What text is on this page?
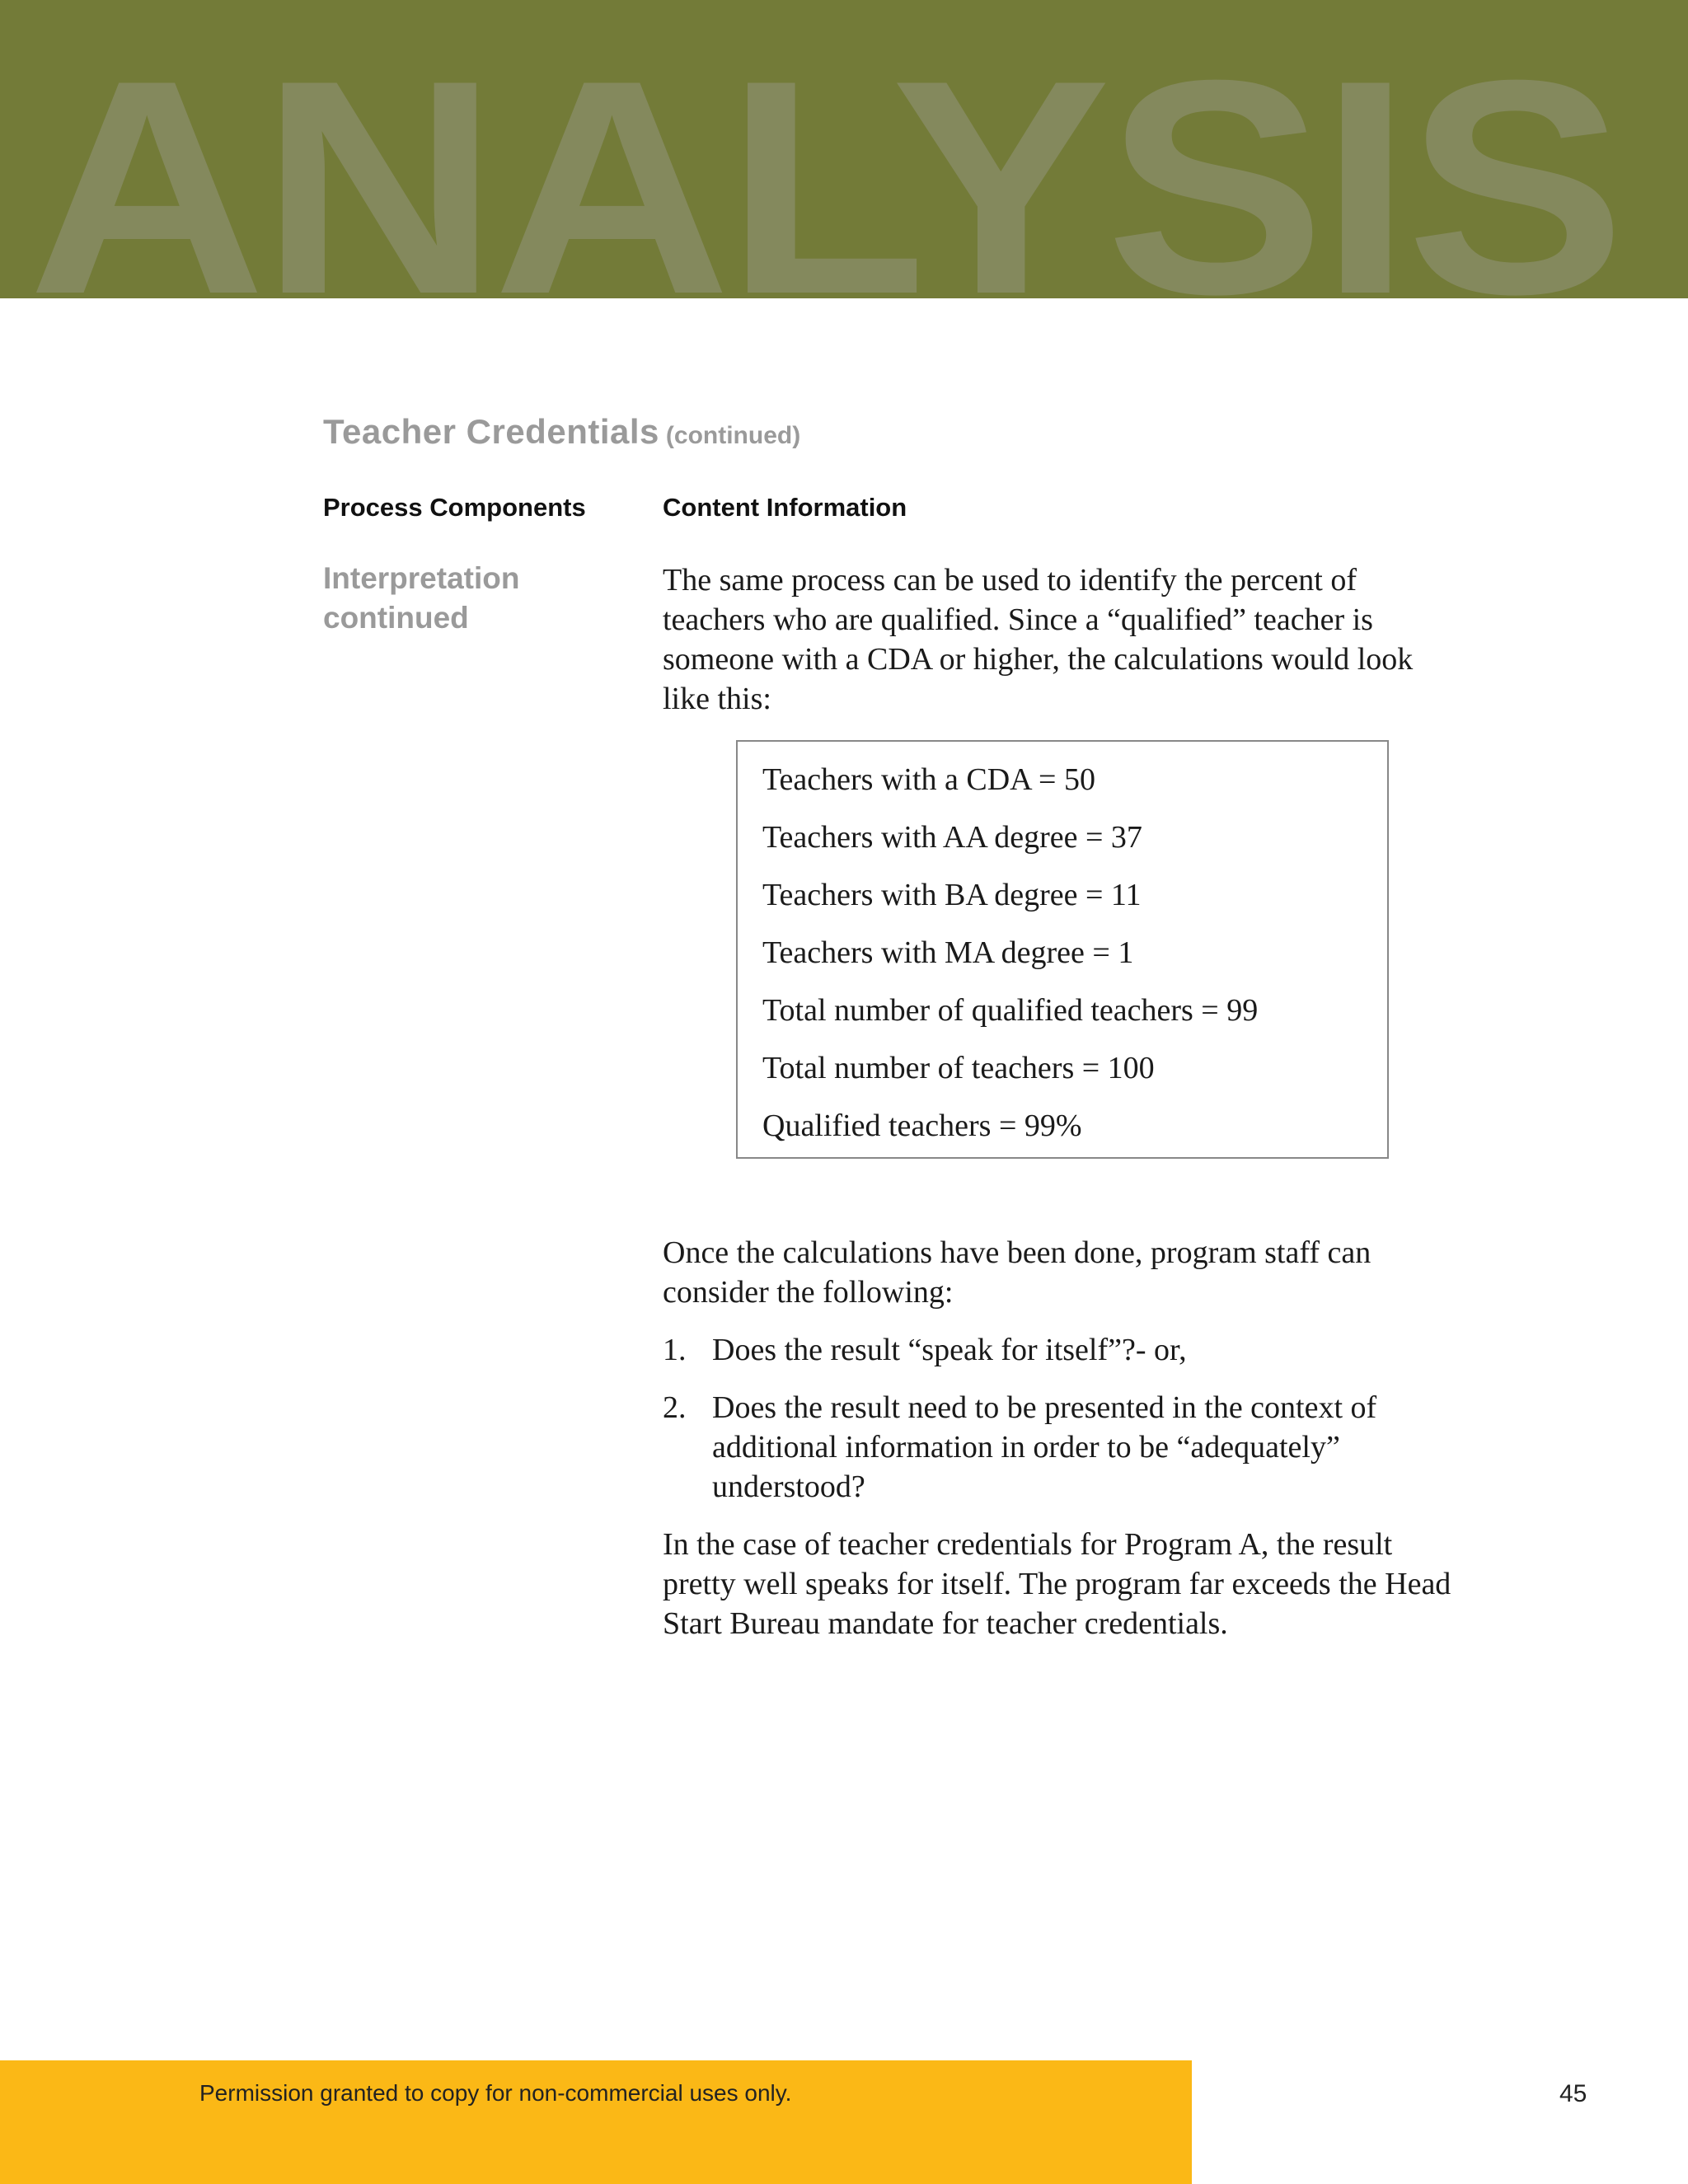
ANALYSIS
Teacher Credentials (continued)
Process Components	Content Information
Interpretation
continued

The same process can be used to identify the percent of teachers who are qualified. Since a “qualified” teacher is someone with a CDA or higher, the calculations would look like this:

Teachers with a CDA = 50
Teachers with AA degree = 37
Teachers with BA degree = 11
Teachers with MA degree = 1
Total number of qualified teachers = 99
Total number of teachers = 100
Qualified teachers = 99%

Once the calculations have been done, program staff can consider the following:

1. Does the result “speak for itself”?- or,
2. Does the result need to be presented in the context of additional information in order to be “adequately” understood?

In the case of teacher credentials for Program A, the result pretty well speaks for itself. The program far exceeds the Head Start Bureau mandate for teacher credentials.

Permission granted to copy for non-commercial uses only.	45
